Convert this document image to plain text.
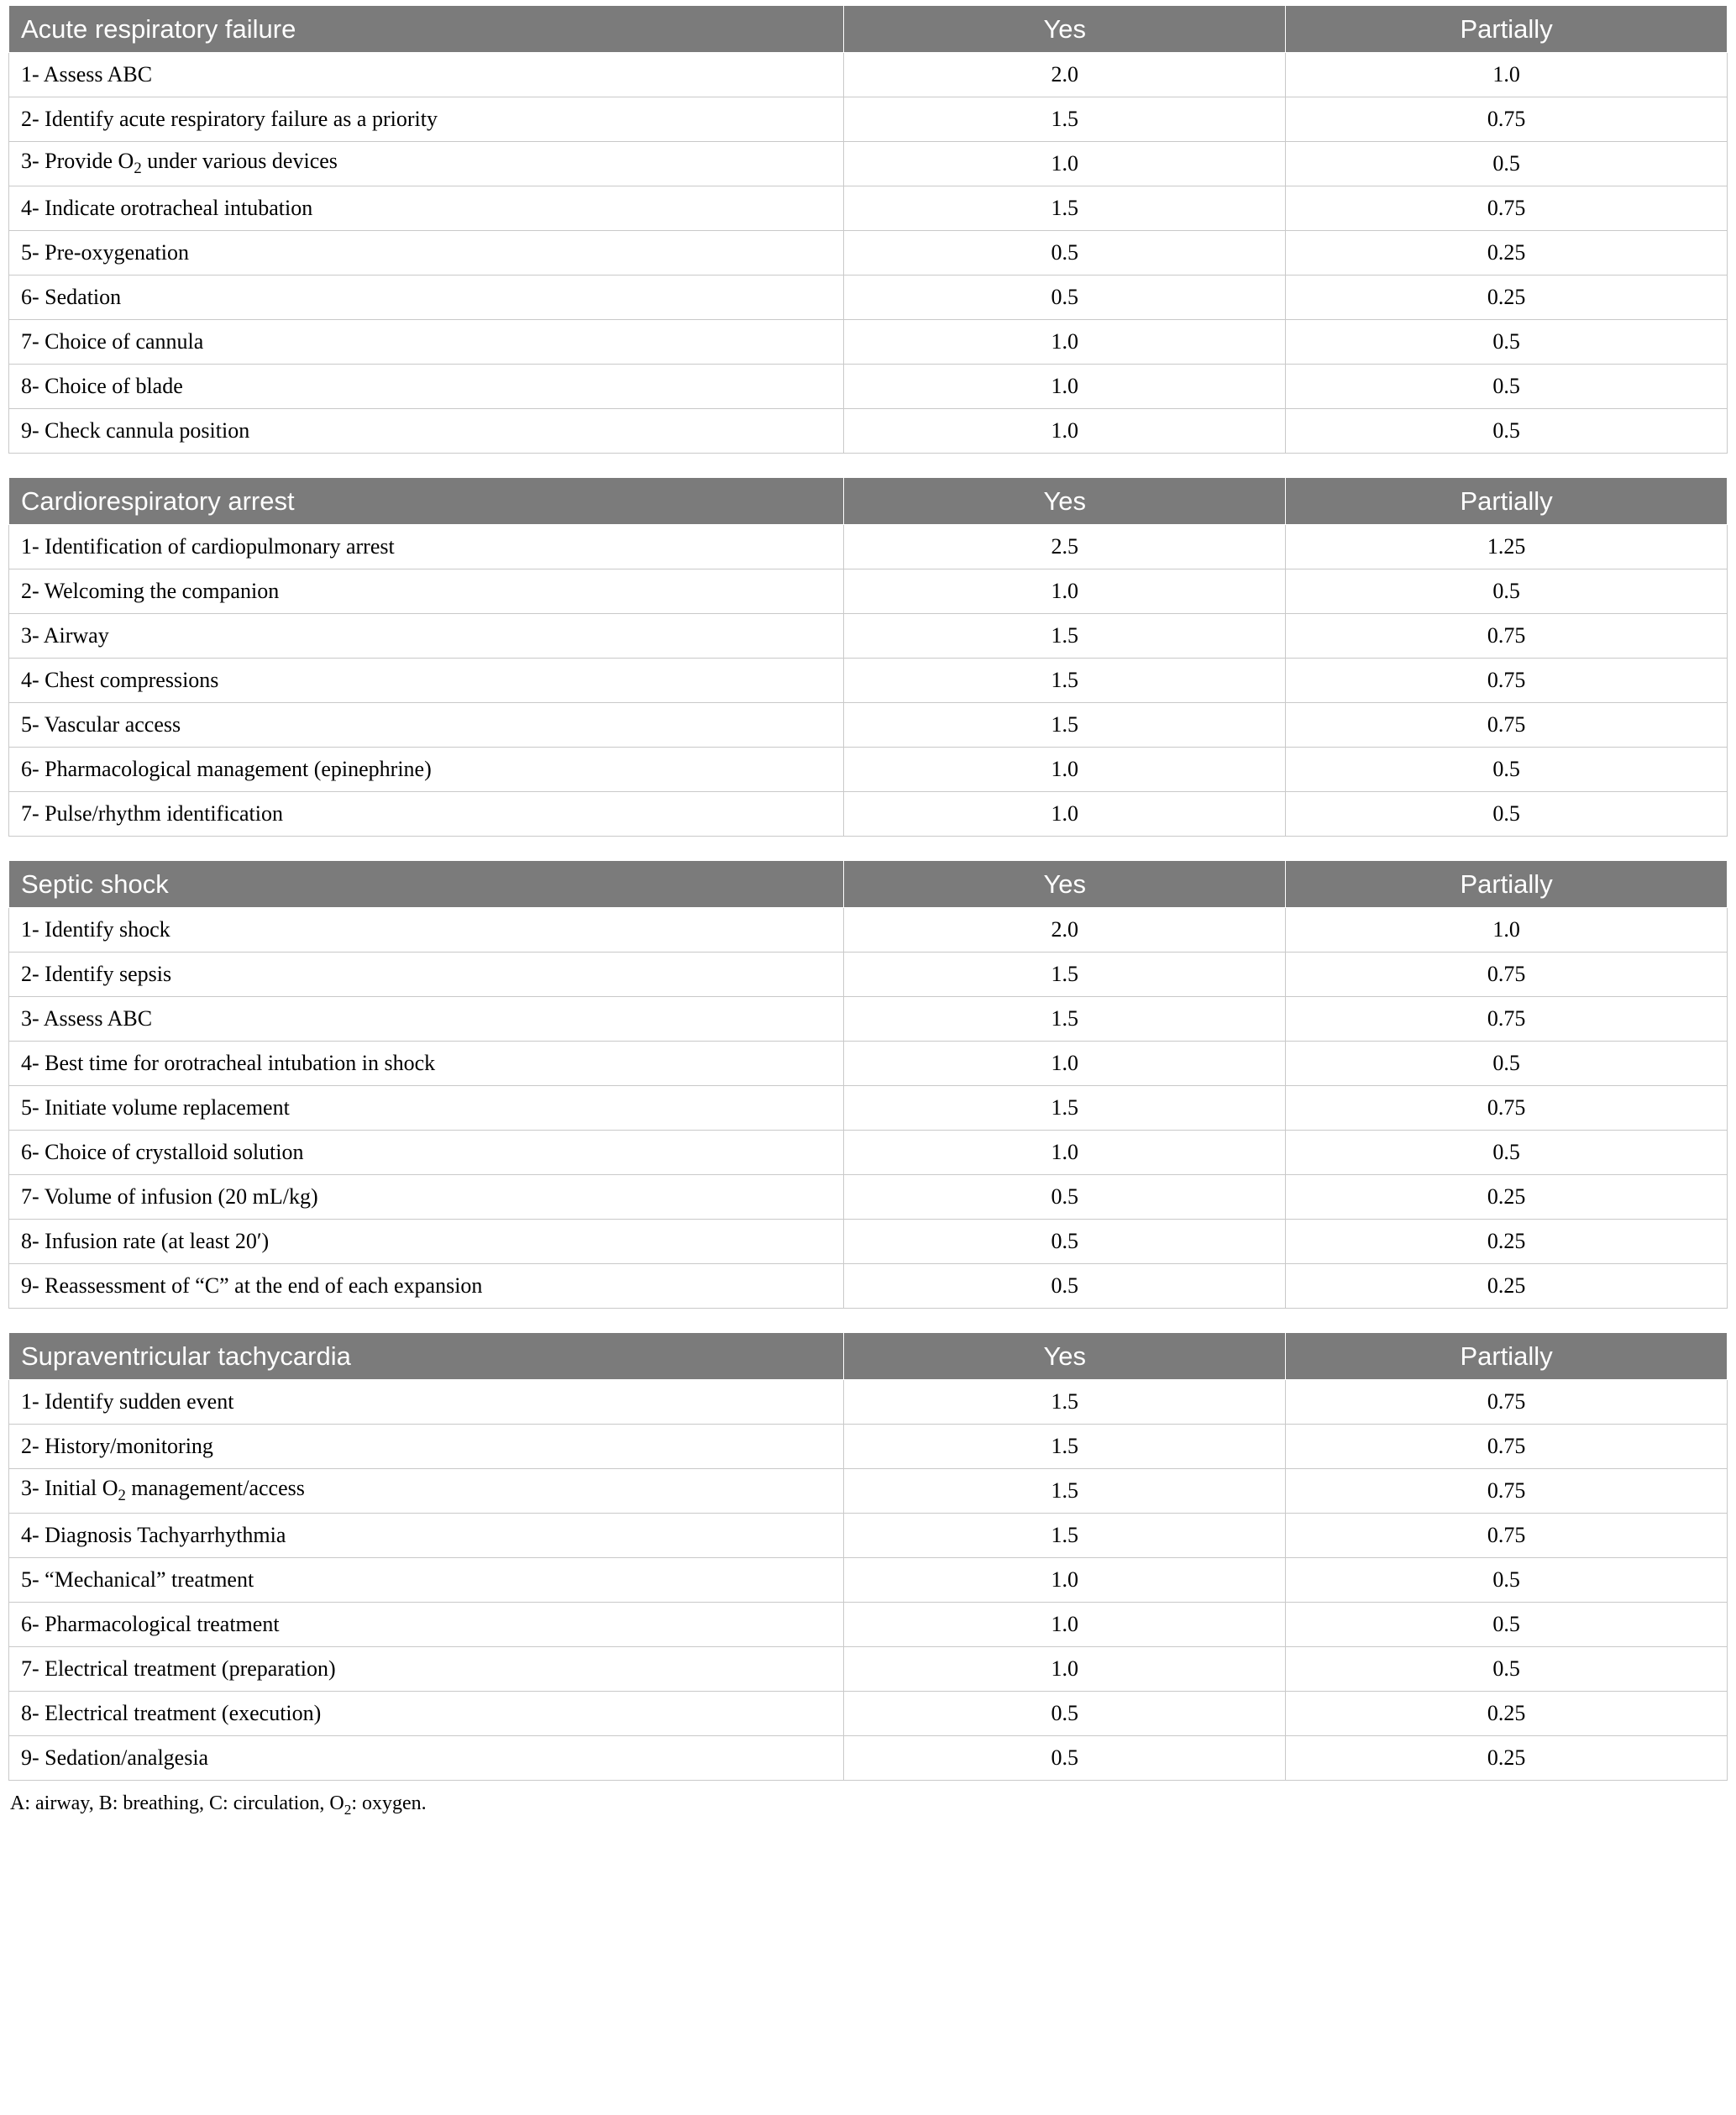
Acute respiratory failure	Yes	Partially
1- Assess ABC	2.0	1.0
2- Identify acute respiratory failure as a priority	1.5	0.75
3- Provide $O_2$ under various devices	1.0	0.5
4- Indicate orotracheal intubation	1.5	0.75
5- Pre-oxygenation	0.5	0.25
6- Sedation	0.5	0.25
7- Choice of cannula	1.0	0.5
8- Choice of blade	1.0	0.5
9- Check cannula position	1.0	0.5
Cardiorespiratory arrest	Yes	Partially
1- Identification of cardiopulmonary arrest	2.5	1.25
2- Welcoming the companion	1.0	0.5
3- Airway	1.5	0.75
4- Chest compressions	1.5	0.75
5- Vascular access	1.5	0.75
6- Pharmacological management (epinephrine)	1.0	0.5
7- Pulse/rhythm identification	1.0	0.5
Septic shock	Yes	Partially
1- Identify shock	2.0	1.0
2- Identify sepsis	1.5	0.75
3- Assess ABC	1.5	0.75
4- Best time for orotracheal intubation in shock	1.0	0.5
5- Initiate volume replacement	1.5	0.75
6- Choice of crystalloid solution	1.0	0.5
7- Volume of infusion (20 mL/kg)	0.5	0.25
8- Infusion rate (at least 20′)	0.5	0.25
9- Reassessment of “C” at the end of each expansion	0.5	0.25
Supraventricular tachycardia	Yes	Partially
1- Identify sudden event	1.5	0.75
2- History/monitoring	1.5	0.75
3- Initial $O_2$ management/access	1.5	0.75
4- Diagnosis Tachyarrhythmia	1.5	0.75
5- “Mechanical” treatment	1.0	0.5
6- Pharmacological treatment	1.0	0.5
7- Electrical treatment (preparation)	1.0	0.5
8- Electrical treatment (execution)	0.5	0.25
9- Sedation/analgesia	0.5	0.25
A: airway, B: breathing, C: circulation, $O_2$: oxygen.
